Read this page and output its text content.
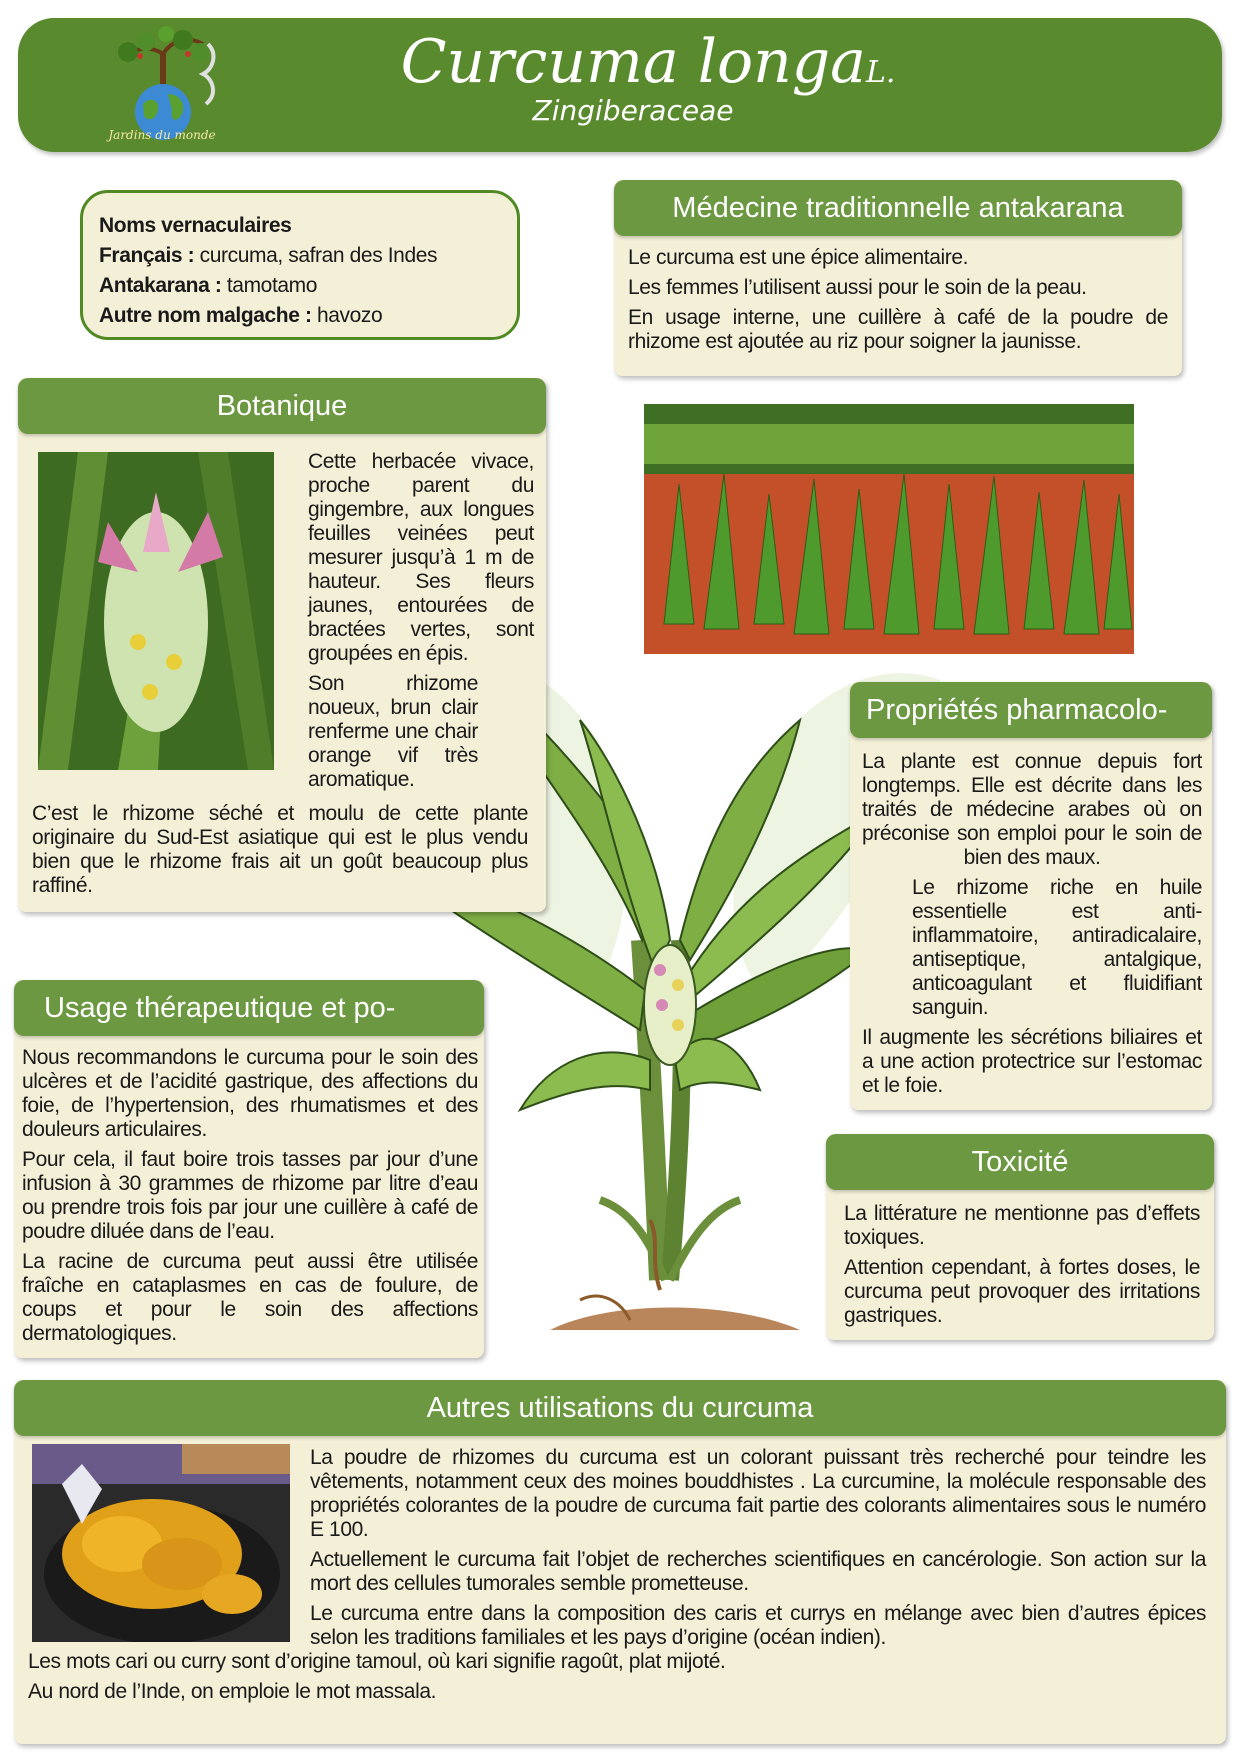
Jardins du monde
Curcuma longaL.
Zingiberaceae
Noms vernaculaires
Français : curcuma, safran des Indes
Antakarana : tamotamo
Autre nom malgache : havozo
Médecine traditionnelle antakarana

Le curcuma est une épice alimentaire.

Les femmes l’utilisent aussi pour le soin de la peau.

En usage interne, une cuillère à café de la poudre de rhizome est ajoutée au riz pour soigner la jaunisse.

Botanique

Cette herbacée vivace, proche parent du gingembre, aux longues feuilles veinées peut mesurer jusqu’à 1 m de hauteur. Ses fleurs jaunes, entourées de bractées vertes, sont groupées en épis.

Son rhizome noueux, brun clair renferme une chair orange vif très aromatique.

C’est le rhizome séché et moulu de cette plante originaire du Sud-Est asiatique qui est le plus vendu bien que le rhizome frais ait un goût beaucoup plus raffiné.

Propriétés pharmacolo-

La plante est connue depuis fort longtemps. Elle est décrite dans les traités de médecine arabes où on préconise son emploi pour le soin de bien des maux.

Le rhizome riche en huile essentielle est anti-inflammatoire, antiradicalaire, antiseptique, antalgique, anticoagulant et fluidifiant sanguin.

Il augmente les sécrétions biliaires et a une action protectrice sur l’estomac et le foie.

Usage thérapeutique et po-

Nous recommandons le curcuma pour le soin des ulcères et de l’acidité gastrique, des affections du foie, de l’hypertension, des rhumatismes et des douleurs articulaires.

Pour cela, il faut boire trois tasses par jour d’une infusion à 30 grammes de rhizome par litre d’eau ou prendre trois fois par jour une cuillère à café de poudre diluée dans de l’eau.

La racine de curcuma peut aussi être utilisée fraîche en cataplasmes en cas de foulure, de coups et pour le soin des affections dermatologiques.

Toxicité

La littérature ne mentionne pas d’effets toxiques.

Attention cependant, à fortes doses, le curcuma peut provoquer des irritations gastriques.

Autres utilisations du curcuma

La poudre de rhizomes du curcuma est un colorant puissant très recherché pour teindre les vêtements, notamment ceux des moines bouddhistes . La curcumine, la molécule responsable des propriétés colorantes de la poudre de curcuma fait partie des colorants alimentaires sous le numéro E 100.

Actuellement le curcuma fait l’objet de recherches scientifiques en cancérologie. Son action sur la mort des cellules tumorales semble prometteuse.

Le curcuma entre dans la composition des caris et currys en mélange avec bien d’autres épices selon les traditions familiales et les pays d’origine (océan indien).

Les mots cari ou curry sont d’origine tamoul, où kari signifie ragoût, plat mijoté.

Au nord de l’Inde, on emploie le mot massala.
